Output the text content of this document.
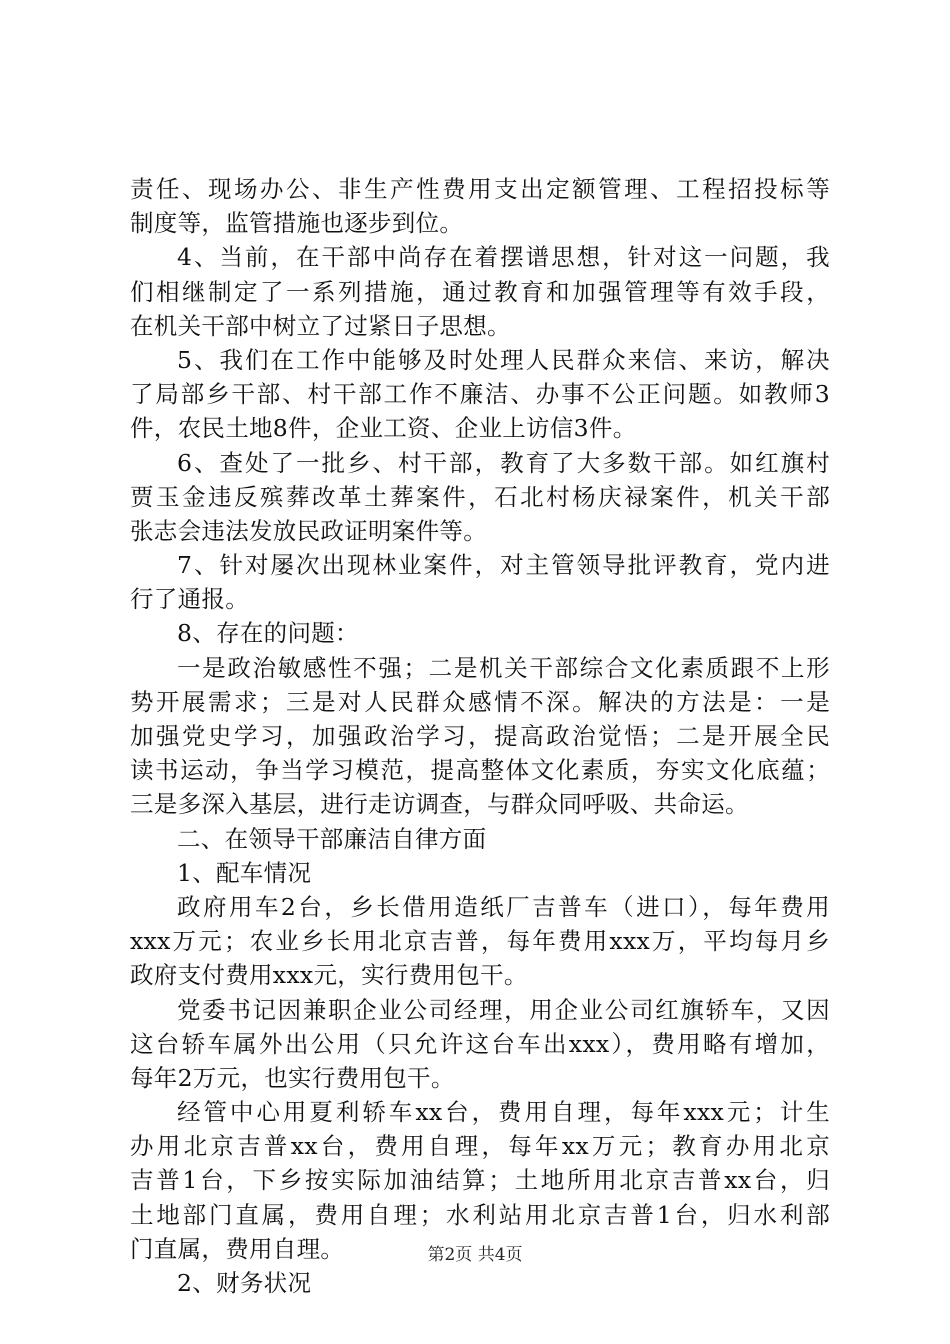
责任、现场办公、非生产性费用支出定额管理、工程招投标等
制度等，监管措施也逐步到位。
4、当前，在干部中尚存在着摆谱思想，针对这一问题，我
们相继制定了一系列措施，通过教育和加强管理等有效手段，
在机关干部中树立了过紧日子思想。
5、我们在工作中能够及时处理人民群众来信、来访，解决
了局部乡干部、村干部工作不廉洁、办事不公正问题。如教师3
件，农民土地8件，企业工资、企业上访信3件。
6、查处了一批乡、村干部，教育了大多数干部。如红旗村
贾玉金违反殡葬改革土葬案件，石北村杨庆禄案件，机关干部
张志会违法发放民政证明案件等。
7、针对屡次出现林业案件，对主管领导批评教育，党内进
行了通报。
8、存在的问题：
一是政治敏感性不强；二是机关干部综合文化素质跟不上形
势开展需求；三是对人民群众感情不深。解决的方法是：一是
加强党史学习，加强政治学习，提高政治觉悟；二是开展全民
读书运动，争当学习模范，提高整体文化素质，夯实文化底蕴；
三是多深入基层，进行走访调查，与群众同呼吸、共命运。
二、在领导干部廉洁自律方面
1、配车情况
政府用车2台，乡长借用造纸厂吉普车（进口），每年费用
xxx万元；农业乡长用北京吉普，每年费用xxx万，平均每月乡
政府支付费用xxx元，实行费用包干。
党委书记因兼职企业公司经理，用企业公司红旗轿车，又因
这台轿车属外出公用（只允许这台车出xxx），费用略有增加，
每年2万元，也实行费用包干。
经管中心用夏利轿车xx台，费用自理，每年xxx元；计生
办用北京吉普xx台，费用自理，每年xx万元；教育办用北京
吉普1台，下乡按实际加油结算；土地所用北京吉普xx台，归
土地部门直属，费用自理；水利站用北京吉普1台，归水利部
门直属，费用自理。
2、财务状况
第2页 共4页
